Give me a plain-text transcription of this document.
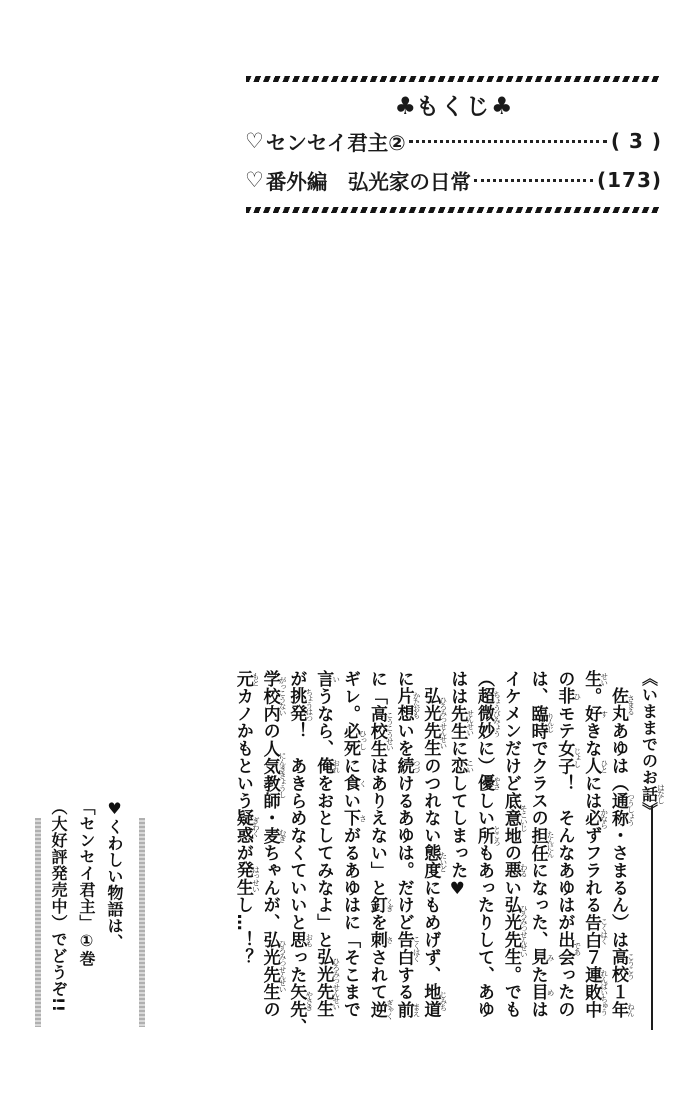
♣もくじ♣
♡ センセイ君主②	( 3 )
♡ 番外編　弘光家の日常	(173)
《いままでのお話はなし》
　佐丸さまるあゆは（通称つうしょう・さまるん）は高校こうこう１年ねん
生せい。好すきな人ひとには必かならずフラれる告白こくはく７連敗中れんぱいちゅう
の非ひモテ女子じょし！　そんなあゆはが出会であったの
は、臨時りんじでクラスの担任たんにんになった、見みた目めは
イケメンだけど底意地そこいじの悪わるい弘光先生ひろみつせんせい。でも
（超微妙ちょうびみょうに）優やさしい所ところもあったりして、あゆ
はは先生せんせいに恋こいしてしまった♥
　弘光先生ひろみつせんせいのつれない態度たいどにもめげず、地道じみち
に片想かたおもいを続つづけるあゆは。だけど告白こくはくする前まえ
に「高校生こうこうせいはありえない」と釘くぎを刺さされて逆ぎゃく
ギレ。必死ひっしに食くい下さがるあゆはに「そこまで
言いうなら、俺おれをおとしてみなよ」と弘光先生ひろみつせんせい
が挑発ちょうはつ！　あきらめなくていいと思おもった矢先やさき、
学校内がっこうないの人気教師にんききょうし・麦むぎちゃんが、弘光先生ひろみつせんせいの
元もとカノかもという疑惑ぎわくが発生はっせいし…！？
♥くわしい物語は、
「センセイ君主」①巻
（大好評発売中）でどうぞ!!
